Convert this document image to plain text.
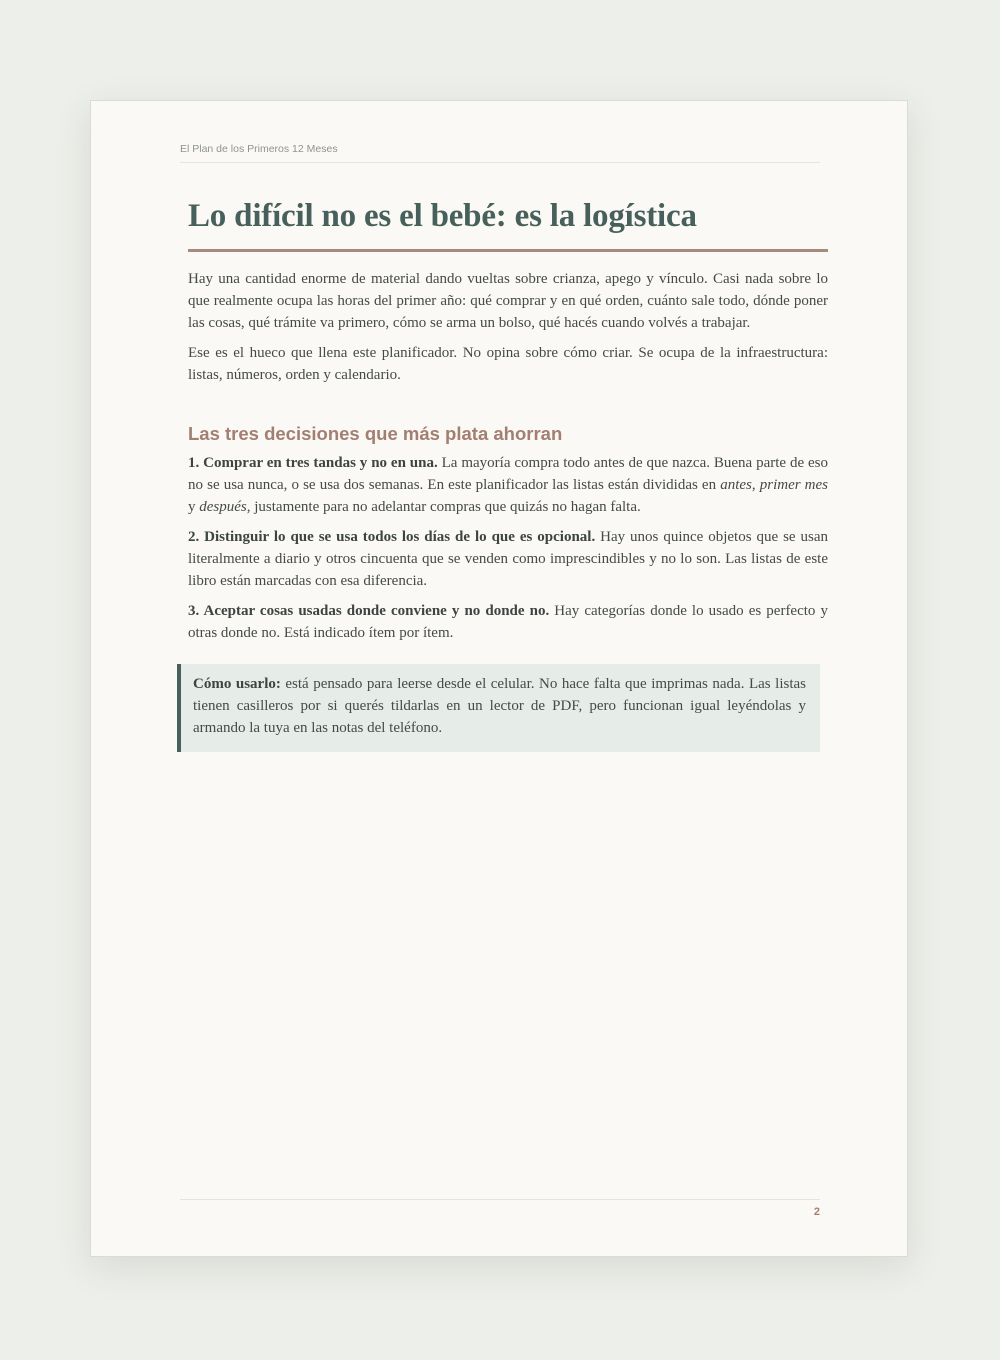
El Plan de los Primeros 12 Meses
Lo difícil no es el bebé: es la logística

Hay una cantidad enorme de material dando vueltas sobre crianza, apego y vínculo. Casi nada sobre lo que realmente ocupa las horas del primer año: qué comprar y en qué orden, cuánto sale todo, dónde poner las cosas, qué trámite va primero, cómo se arma un bolso, qué hacés cuando volvés a trabajar.

Ese es el hueco que llena este planificador. No opina sobre cómo criar. Se ocupa de la infraestructura: listas, números, orden y calendario.

Las tres decisiones que más plata ahorran

1. Comprar en tres tandas y no en una. La mayoría compra todo antes de que nazca. Buena parte de eso no se usa nunca, o se usa dos semanas. En este planificador las listas están divididas en antes, primer mes y después, justamente para no adelantar compras que quizás no hagan falta.

2. Distinguir lo que se usa todos los días de lo que es opcional. Hay unos quince objetos que se usan literalmente a diario y otros cincuenta que se venden como imprescindibles y no lo son. Las listas de este libro están marcadas con esa diferencia.

3. Aceptar cosas usadas donde conviene y no donde no. Hay categorías donde lo usado es perfecto y otras donde no. Está indicado ítem por ítem.

Cómo usarlo: está pensado para leerse desde el celular. No hace falta que imprimas nada. Las listas tienen casilleros por si querés tildarlas en un lector de PDF, pero funcionan igual leyéndolas y armando la tuya en las notas del teléfono.

2
